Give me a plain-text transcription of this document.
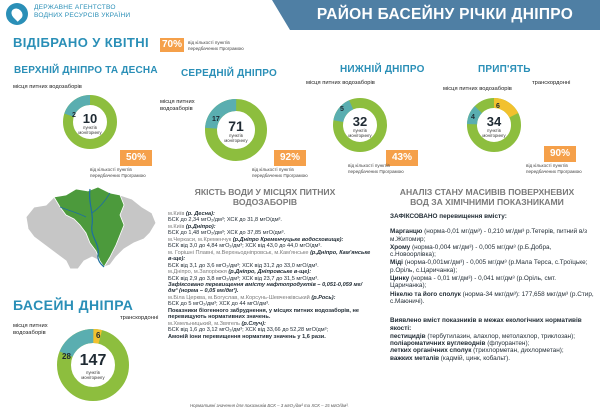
ДЕРЖАВНЕ АГЕНТСТВО
ВОДНИХ РЕСУРСІВ УКРАЇНИ	РАЙОН БАСЕЙНУ РІЧКИ ДНІПРО
ВІДІБРАНО У КВІТНІ 70%	від кількості пунктів
передбачених Програмою
ВЕРХНІЙ ДНІПРО ТА ДЕСНА
місця питних водозаборів
10
пунктів
моніторингу
2
50%
від кількості пунктів
передбачених Програмою
СЕРЕДНІЙ ДНІПРО
місця питних
водозаборів
71
пунктів
моніторингу
17
92%
від кількості пунктів
передбачених Програмою
НИЖНІЙ ДНІПРО
місця питних водозаборів
32
пунктів
моніторингу
5
43%
від кількості пунктів
передбачених Програмою
ПРИП'ЯТЬ
місця питних водозаборів
транскордонні
34
пунктів
моніторингу
4
6
90%
від кількості пунктів
передбачених Програмою
БАСЕЙН ДНІПРА
місця питних
водозаборів
транскордонні
147
пунктів
моніторингу
28
6
ЯКІСТЬ ВОДИ У МІСЦЯХ ПИТНИХ
ВОДОЗАБОРІВ
м.Київ (р. Десна):
БСК до 2,34 мгО₂/дм³; ХСК до 31,8 мгО/дм³.
м.Київ (р.Дніпро):
БСК до 1,48 мгО₂/дм³; ХСК до 37,85 мгО/дм³.
м.Черкаси, м.Кременчук (р.Дніпро Кременчуцьке водосховище):
БСК від 3,0 до 4,84 мгО₂/дм³; ХСК від 43,0 до 44,0 мгО/дм³.
м. Горішні Плавні, м.Верхньодніпровськ, м.Кам'янське (р.Дніпро, Кам'янське в-ще):
БСК від 3,1 до 3,6 мгО₂/дм³; ХСК від 31,2 до 33,0 мгО/дм³.
м.Дніпро, м.Запоріжжя (р.Дніпро, Дніпровське в-ще):
БСК від 2,9 до 3,8 мгО₂/дм³; ХСК від 23,7 до 31,5 мгО/дм³.
Зафіксовано перевищення вмісту нафтопродуктів – 0,051-0,059 мг/дм³ (норма – 0,05 мг/дм³).
м.Біла Церква, м.Богуслав, м.Корсунь-Шевченківський (р.Рось):
БСК до 5 мгО₂/дм³; ХСК до 44 мгО/дм³.
Показники біогенного забруднення, у місцях питних водозаборів, не перевищують нормативних значень.
м.Хмельницький, м.Звягель (р.Случ):
БСК від 1,6 до 3,12 мгО₂/дм³; ХСК від 33,66 до 52,28 мгО/дм³;
Амоній іони перевищення нормативу значень у 1,6 рази.
Нормативні значення для показників БСК – 3 мгО₂/дм³ та ХСК – 15 мгО/дм³.
АНАЛІЗ СТАНУ МАСИВІВ ПОВЕРХНЕВИХ
ВОД ЗА ХІМІЧНИМИ ПОКАЗНИКАМИ
ЗАФІКСОВАНО перевищення вмісту:
Марганцю (норма-0,01 мг/дм³) - 0,210 мг/дм³ р.Тетерів, питний в/з м.Житомир;
Хрому (норма-0,004 мг/дм³) - 0,005 мг/дм³ (р.Б.Добра, с.Новоорлівка);
Міді (норма-0,001мг/дм³) - 0,005 мг/дм³ (р.Мала Терса, с.Троїцьке; р.Оріль, с.Царичанка);
Цинку (норма - 0,01 мг/дм³) - 0,041 мг/дм³ (р.Оріль, смт. Царичанка);
Нікелю та його сполук (норма-34 мкг/дм³): 177,658 мкг/дм³ (р.Стир, с.Маюничі).
Виявлено вміст показників в межах екологічних нормативів якості:
пестицидів (тербутилазин, алахлор, метолахлор, триклозан);
поліароматичних вуглеводнів (флуорантен);
летких органічних сполук (трихлорметан, дихлорметан);
важких металів (кадмій, цинк, кобальт).
